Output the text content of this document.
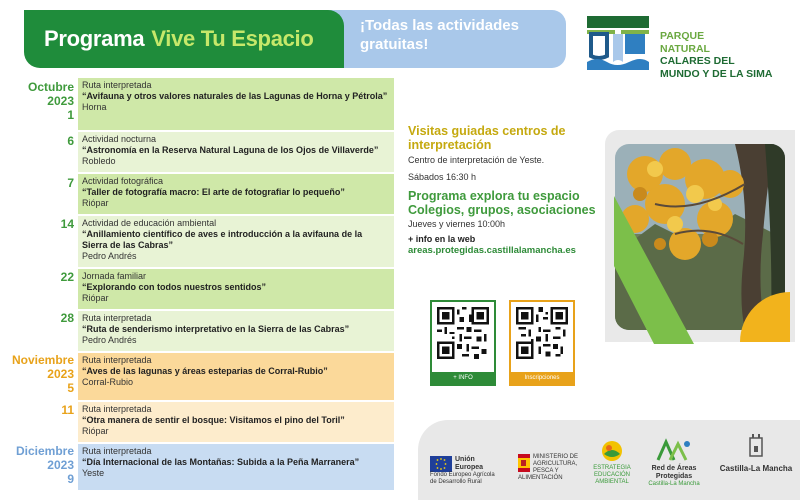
¡Todas las actividades gratuitas!
Programa Vive Tu Espacio	PARQUE
NATURAL
CALARES DEL
MUNDO Y DE LA SIMA
Octubre
2023
1
6
7
14
22
28
Noviembre
2023
5
11
Diciembre
2023
9
Ruta interpretada
“Avifauna y otros valores naturales de las Lagunas de Horna y Pétrola”
Horna
Actividad nocturna
“Astronomía en la Reserva Natural Laguna de los Ojos de Villaverde”
Robledo
Actividad fotográfica
“Taller de fotografía macro: El arte de fotografiar lo pequeño”
Riópar
Actividad de educación ambiental
“Anillamiento científico de aves e introducción a la avifauna de la Sierra de las Cabras”
Pedro Andrés
Jornada familiar
“Explorando con todos nuestros sentidos”
Riópar
Ruta interpretada
“Ruta de senderismo interpretativo en la Sierra de las Cabras”
Pedro Andrés
Ruta interpretada
“Aves de las lagunas y áreas esteparias de Corral-Rubio”
Corral-Rubio
Ruta interpretada
“Otra manera de sentir el bosque: Visitamos el pino del Toril”
Riópar
Ruta interpretada
“Día Internacional de las Montañas: Subida a la Peña Marranera”
Yeste
Visitas guiadas centros de interpretación
Centro de interpretación de Yeste.
Sábados 16:30 h
Programa explora tu espacio Colegios, grupos, asociaciones
Jueves y viernes 10:00h
+ info en la web
areas.protegidas.castillalamancha.es
+ INFO	Inscripciones
Unión Europea
Fondo Europeo Agrícola de Desarrollo Rural
MINISTERIO DE AGRICULTURA, PESCA Y ALIMENTACIÓN

ESTRATEGIA EDUCACIÓN AMBIENTAL

Red de Áreas Protegidas
Castilla-La Mancha

Castilla-La Mancha
